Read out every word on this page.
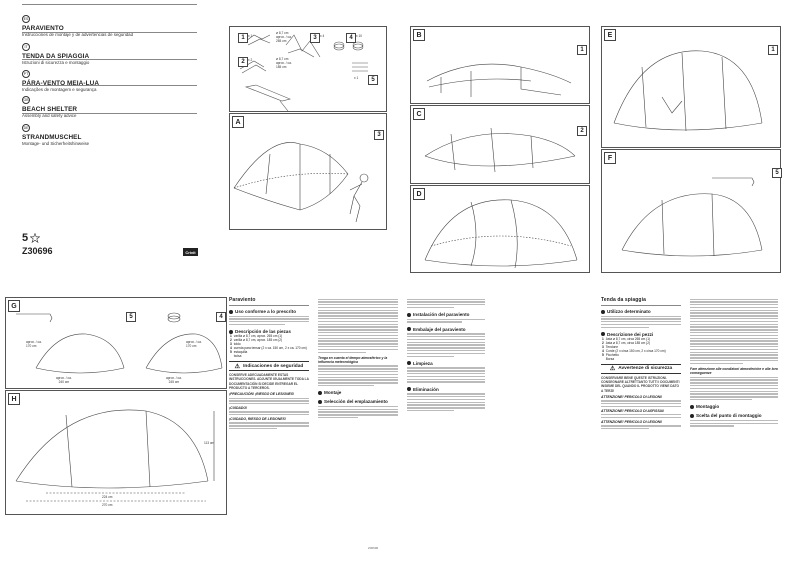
ES
PARAVIENTO
Instrucciones de montaje y de advertencias de seguridad
IT
TENDA DA SPIAGGIA
Istruzioni di sicurezza e montaggio
PT
PÁRA-VENTO MEIA-LUA
Indicações de montagem e segurança
GB
BEACH SHELTER
Assembly and safety advice
DE
STRANDMUSCHEL
Montage- und Sicherheitshinweise
5
Z30696	Crivit
1	x 1
ø 8,7 cm
aprox. / ca.
265 cm
2	x 2	ø 8,7 cm
aprox. / ca.
185 cm
3	x 4	4	x 10
5
x 1
A
3
B
1
C
2
D
E
1
F
5
G
5	4
aprox. / ca.
170 cm
aprox. / ca.
240 cm
aprox. / ca.
170 cm
aprox. / ca.
245 cm
H
113 cm
270 cm
224 cm
Paraviento
Uso conforme a lo prescrito
Descripción de las piezas
1	varilla ø 8,7 cm, aprox. 265 cm (1)
2	varilla ø 8,7 cm, aprox. 185 cm (2)
3	toldo
4	cuerda para tensar (2 x ca. 150 cm, 2 x ca. 170 cm)
5	estaquilla
	bolsa
⚠ Indicaciones de seguridad
CONSERVE ADECUADAMENTE ESTAS INSTRUCCIONES. ADJUNTE IGUALMENTE TODA LA DOCUMENTACIÓN SI DECIDE ENTREGAR EL PRODUCTO A TERCEROS.
¡PRECAUCIÓN! ¡RIESGO DE LESIONES!
¡CUIDADO!
¡CUIDADO, RIESGO DE LESIONES!
Tenga en cuenta el tiempo atmosférico y la influencia meteorológica
Montaje
Selección del emplazamiento
Instalación del paraviento
Embalaje del paraviento
Limpieza
Eliminación
Tenda da spiaggia
Utilizzo determinato
Descrizione dei pezzi
1	Asta ø 8,7 cm, circa 265 cm (1)
2	Asta ø 8,7 cm, circa 185 cm (2)
3	Tendone
4	Corde (2 x circa 150 cm, 2 x circa 170 cm)
5	Picchetto
	Borsa
⚠ Avvertenze di sicurezza
CONSERVARE BENE QUESTE ISTRUZIONI. CONSEGNARE ALTRETTANTO TUTTI I DOCUMENTI INSIEME DEL QUANDO IL PRODOTTO VIENE DATO A TERZI!
ATTENZIONE! PERICOLO DI LESIONI!
ATTENZIONE! PERICOLO DI ASFISSIA!
ATTENZIONE! PERICOLO DI LESIONI!
Fare attenzione alle condizioni atmosferiche e alle loro conseguenze
Montaggio
Scelta del punto di montaggio
Z30696
